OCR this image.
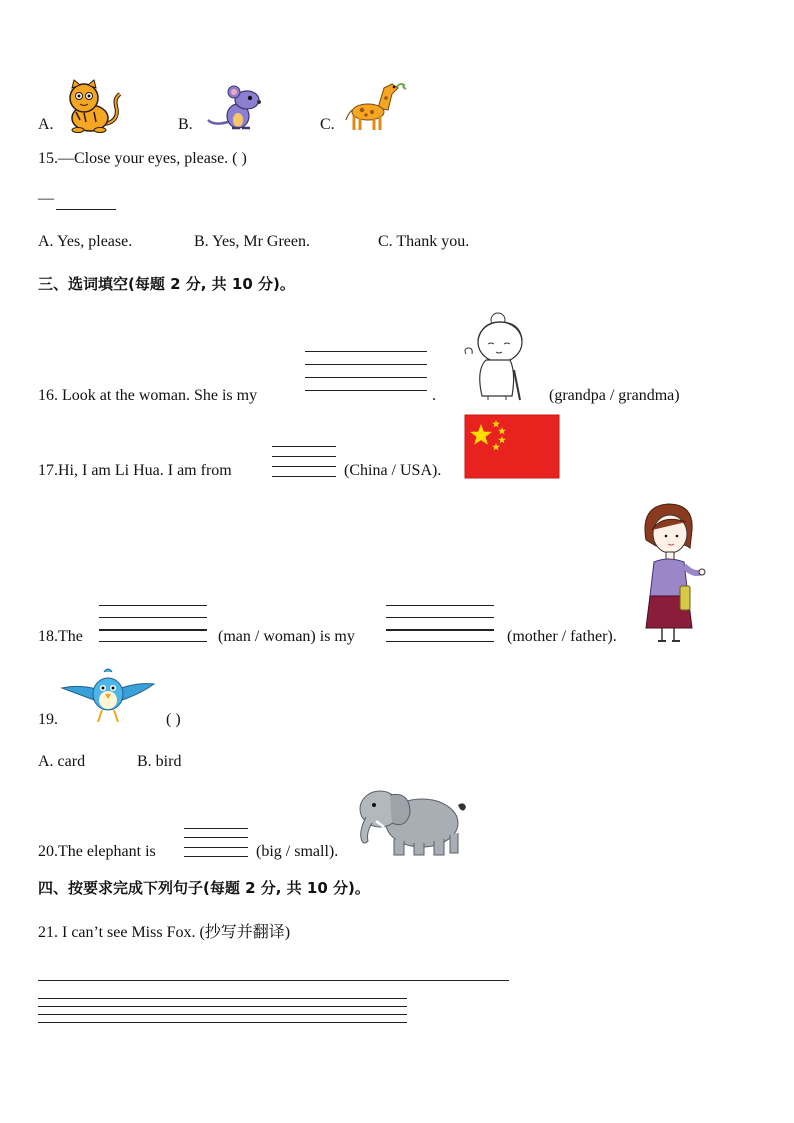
A.	B.	C.
15.—Close your eyes, please. ( )
—
A. Yes, please.	B. Yes, Mr Green.	C. Thank you.
三、选词填空(每题 2 分, 共 10 分)。
16. Look at the woman. She is my	.	(grandpa / grandma)
17.Hi, I am Li Hua. I am from	(China / USA).
18.The	(man / woman) is my	(mother / father).
19.	( )
A. card	B. bird
20.The elephant is	(big / small).
四、按要求完成下列句子(每题 2 分, 共 10 分)。
21. I can’t see Miss Fox. (抄写并翻译)
